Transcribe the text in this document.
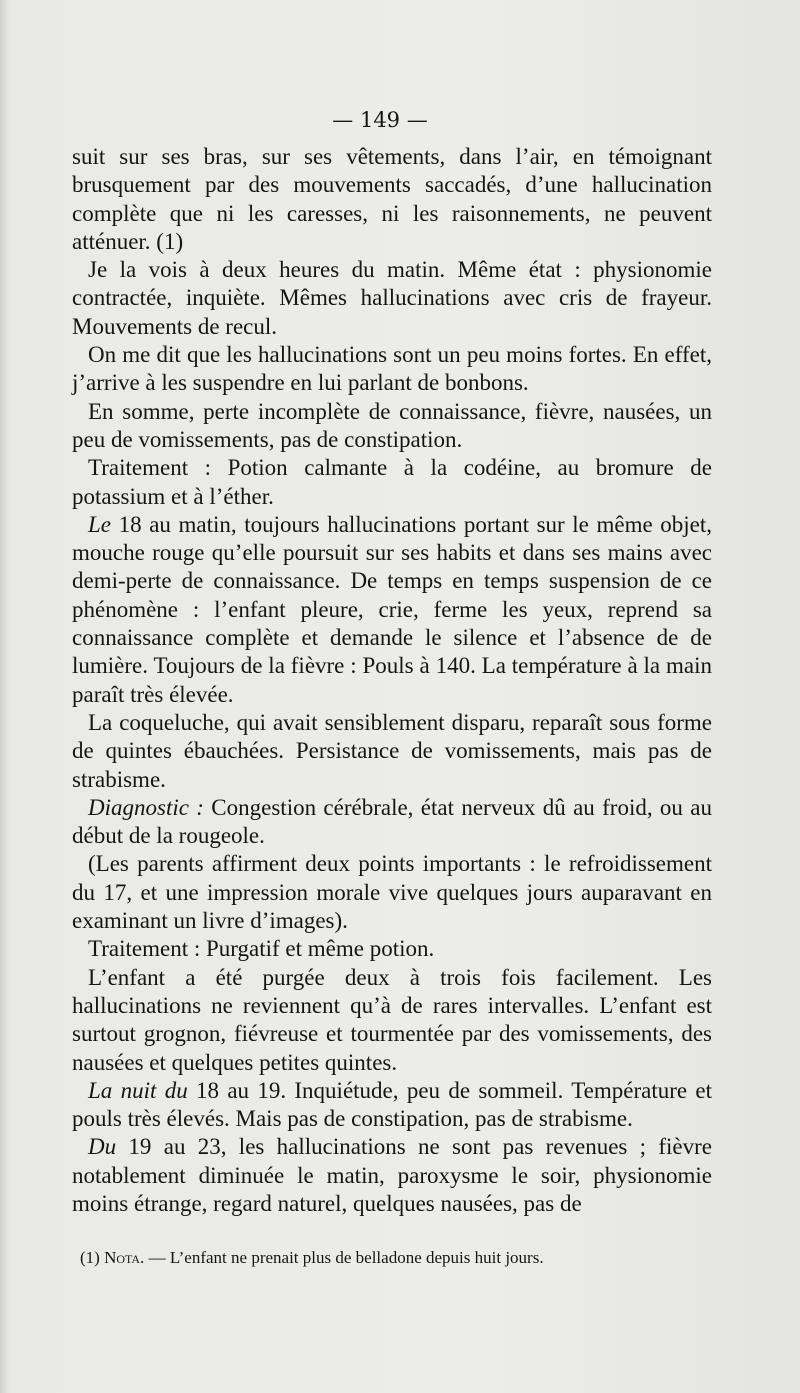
— 149 —

suit sur ses bras, sur ses vêtements, dans l’air, en témoignant brusquement par des mouvements saccadés, d’une hallucination complète que ni les caresses, ni les raisonnements, ne peuvent atténuer. (1)

Je la vois à deux heures du matin. Même état : physionomie contractée, inquiète. Mêmes hallucinations avec cris de frayeur. Mouvements de recul.

On me dit que les hallucinations sont un peu moins fortes. En effet, j’arrive à les suspendre en lui parlant de bonbons.

En somme, perte incomplète de connaissance, fièvre, nausées, un peu de vomissements, pas de constipation.

Traitement : Potion calmante à la codéine, au bromure de potassium et à l’éther.

Le 18 au matin, toujours hallucinations portant sur le même objet, mouche rouge qu’elle poursuit sur ses habits et dans ses mains avec demi-perte de connaissance. De temps en temps suspension de ce phénomène : l’enfant pleure, crie, ferme les yeux, reprend sa connaissance complète et demande le silence et l’absence de de lumière. Toujours de la fièvre : Pouls à 140. La température à la main paraît très élevée.

La coqueluche, qui avait sensiblement disparu, reparaît sous forme de quintes ébauchées. Persistance de vomissements, mais pas de strabisme.

Diagnostic : Congestion cérébrale, état nerveux dû au froid, ou au début de la rougeole.

(Les parents affirment deux points importants : le refroidissement du 17, et une impression morale vive quelques jours auparavant en examinant un livre d’images).

Traitement : Purgatif et même potion.

L’enfant a été purgée deux à trois fois facilement. Les hallucinations ne reviennent qu’à de rares intervalles. L’enfant est surtout grognon, fiévreuse et tourmentée par des vomissements, des nausées et quelques petites quintes.

La nuit du 18 au 19. Inquiétude, peu de sommeil. Température et pouls très élevés. Mais pas de constipation, pas de strabisme.

Du 19 au 23, les hallucinations ne sont pas revenues ; fièvre notablement diminuée le matin, paroxysme le soir, physionomie moins étrange, regard naturel, quelques nausées, pas de

(1) Nota. — L’enfant ne prenait plus de belladone depuis huit jours.
